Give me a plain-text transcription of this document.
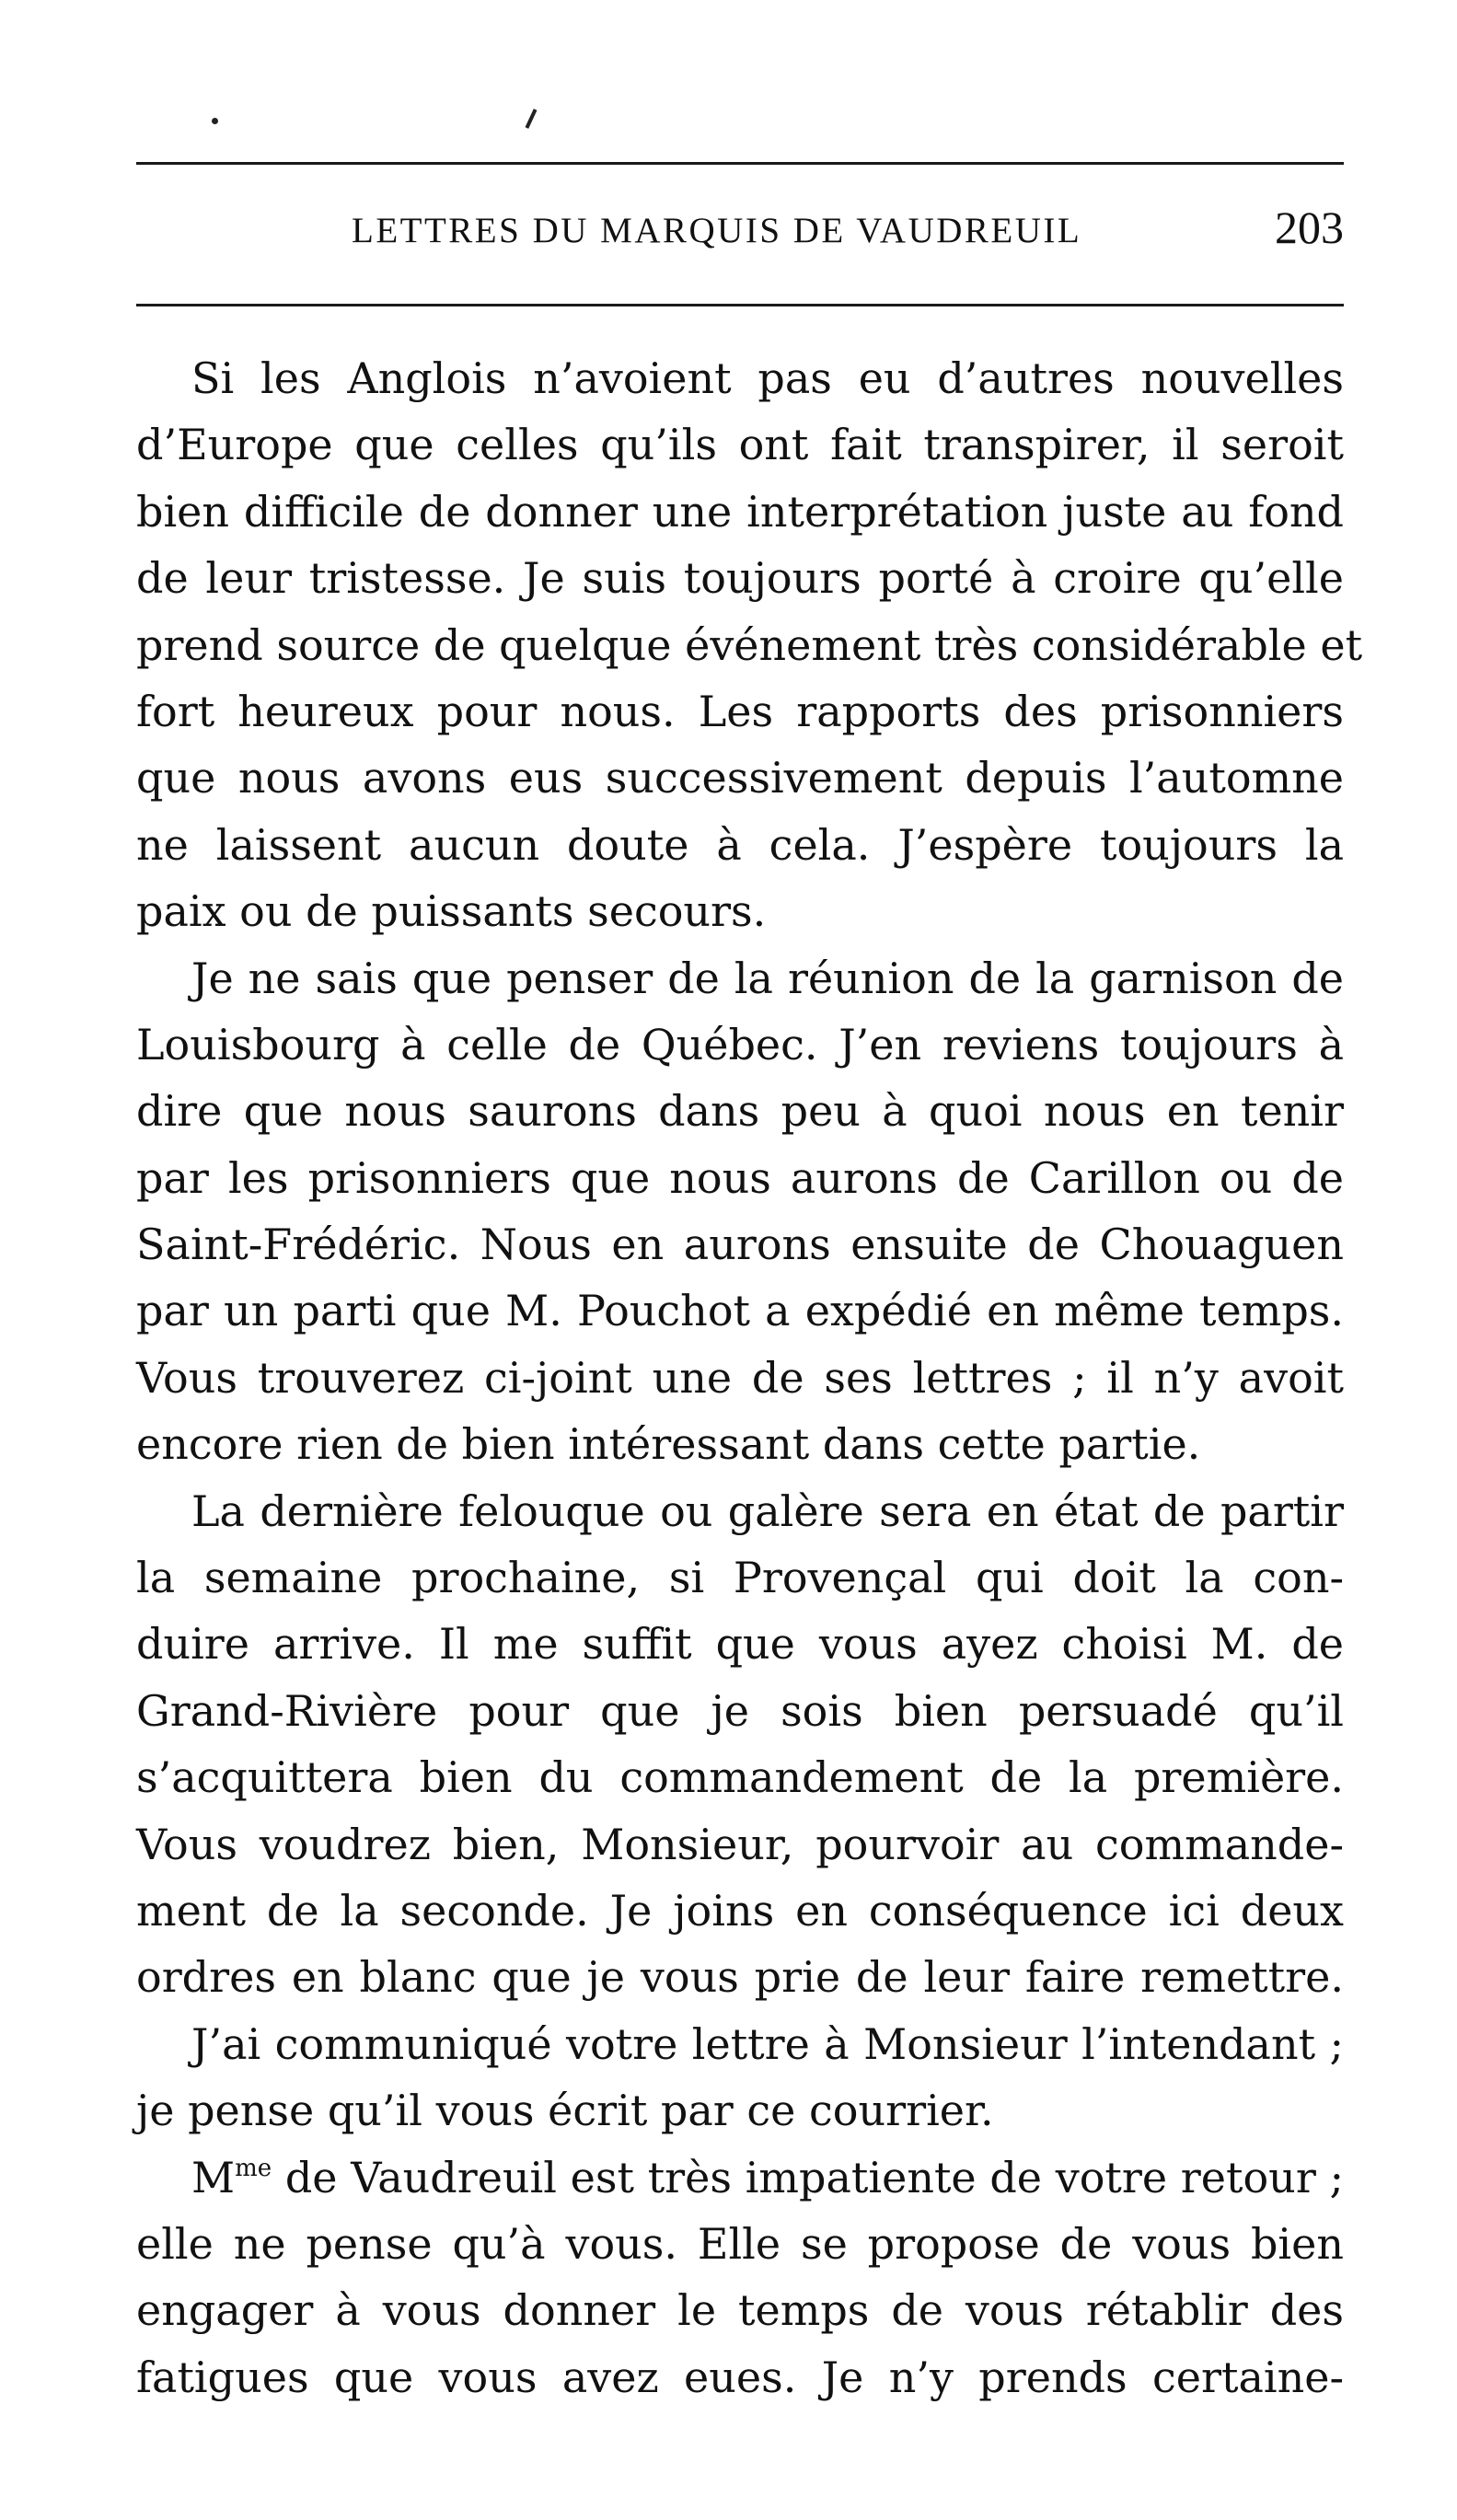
LETTRES DU MARQUIS DE VAUDREUIL	203
Si les Anglois n’avoient pas eu d’autres nouvelles
d’Europe que celles qu’ils ont fait transpirer, il seroit
bien difficile de donner une interprétation juste au fond
de leur tristesse. Je suis toujours porté à croire qu’elle
prend source de quelque événement très considérable et
fort heureux pour nous. Les rapports des prisonniers
que nous avons eus successivement depuis l’automne
ne laissent aucun doute à cela. J’espère toujours la
paix ou de puissants secours.
Je ne sais que penser de la réunion de la garnison de
Louisbourg à celle de Québec. J’en reviens toujours à
dire que nous saurons dans peu à quoi nous en tenir
par les prisonniers que nous aurons de Carillon ou de
Saint-Frédéric. Nous en aurons ensuite de Chouaguen
par un parti que M. Pouchot a expédié en même temps.
Vous trouverez ci-joint une de ses lettres ; il n’y avoit
encore rien de bien intéressant dans cette partie.
La dernière felouque ou galère sera en état de partir
la semaine prochaine, si Provençal qui doit la con-
duire arrive. Il me suffit que vous ayez choisi M. de
Grand-Rivière pour que je sois bien persuadé qu’il
s’acquittera bien du commandement de la première.
Vous voudrez bien, Monsieur, pourvoir au commande-
ment de la seconde. Je joins en conséquence ici deux
ordres en blanc que je vous prie de leur faire remettre.
J’ai communiqué votre lettre à Monsieur l’intendant ;
je pense qu’il vous écrit par ce courrier.
$M^{me}$ de Vaudreuil est très impatiente de votre retour ;
elle ne pense qu’à vous. Elle se propose de vous bien
engager à vous donner le temps de vous rétablir des
fatigues que vous avez eues. Je n’y prends certaine-
